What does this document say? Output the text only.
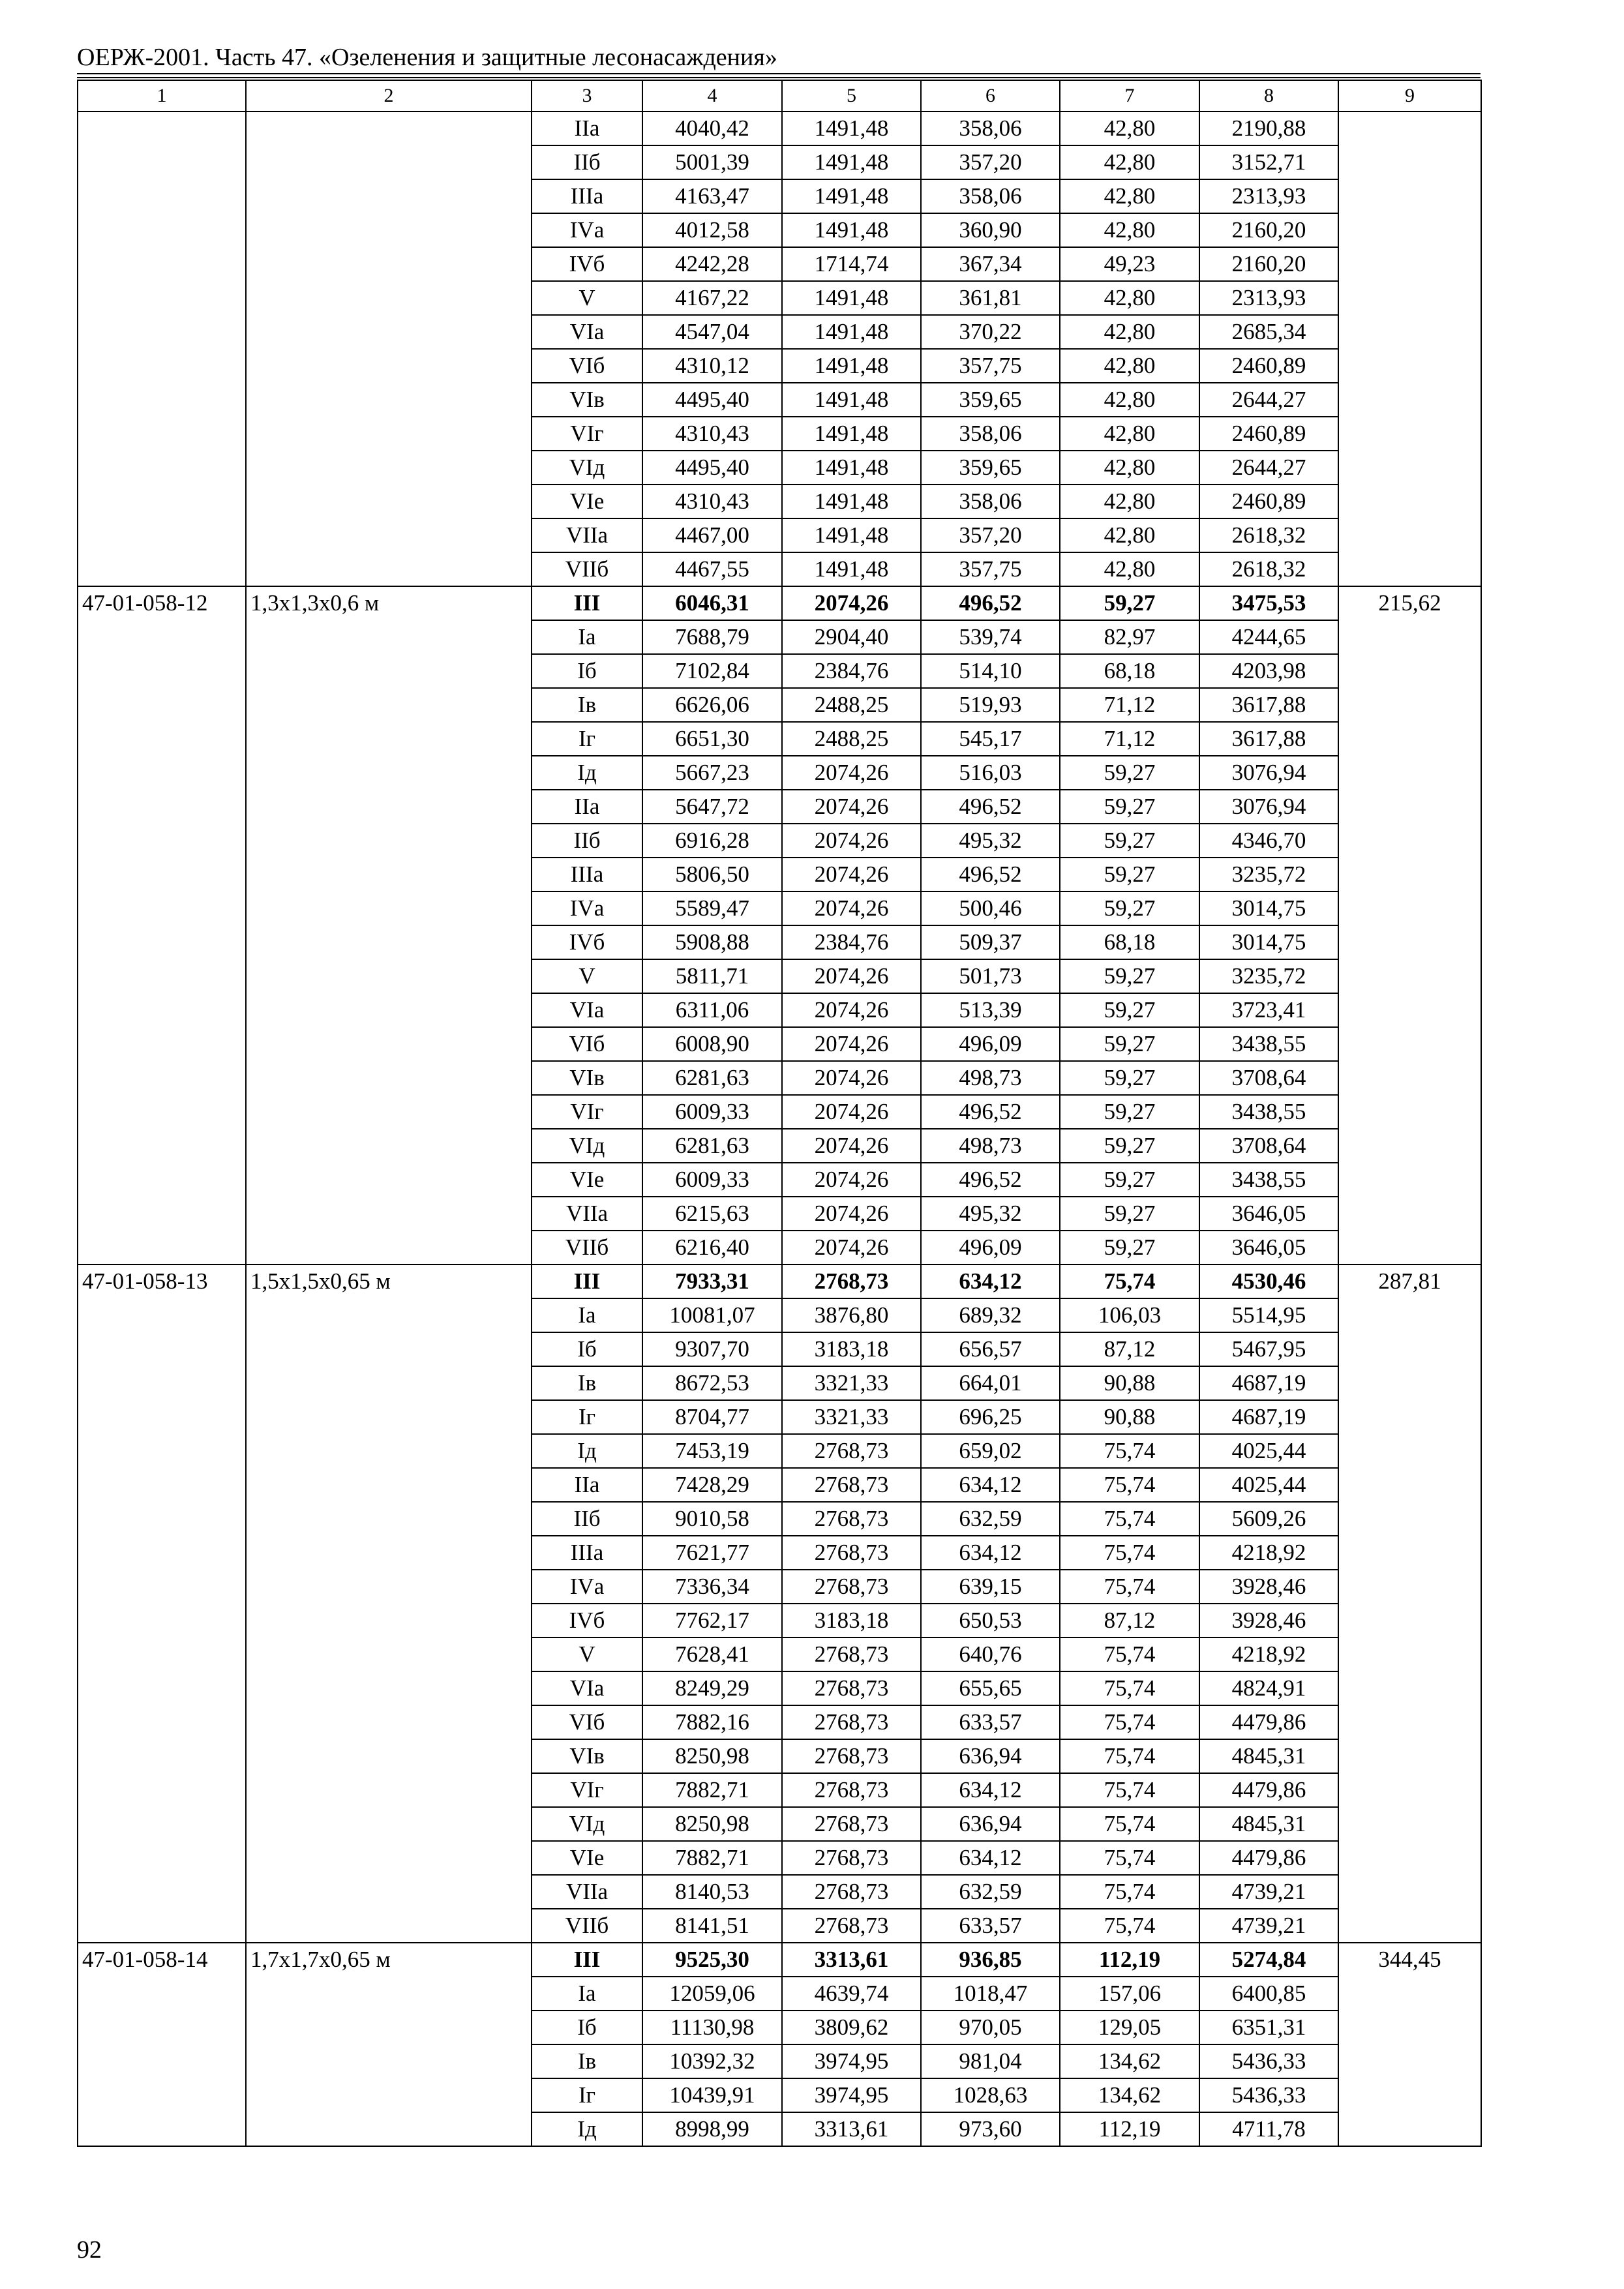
ОЕРЖ-2001. Часть 47. «Озеленения и защитные лесонасаждения»
1	2	3	4	5	6	7	8	9
		IIа	4040,42	1491,48	358,06	42,80	2190,88	
		IIб	5001,39	1491,48	357,20	42,80	3152,71	
		IIIа	4163,47	1491,48	358,06	42,80	2313,93	
		IVа	4012,58	1491,48	360,90	42,80	2160,20	
		IVб	4242,28	1714,74	367,34	49,23	2160,20	
		V	4167,22	1491,48	361,81	42,80	2313,93	
		VIа	4547,04	1491,48	370,22	42,80	2685,34	
		VIб	4310,12	1491,48	357,75	42,80	2460,89	
		VIв	4495,40	1491,48	359,65	42,80	2644,27	
		VIг	4310,43	1491,48	358,06	42,80	2460,89	
		VIд	4495,40	1491,48	359,65	42,80	2644,27	
		VIе	4310,43	1491,48	358,06	42,80	2460,89	
		VIIа	4467,00	1491,48	357,20	42,80	2618,32	
		VIIб	4467,55	1491,48	357,75	42,80	2618,32	
47-01-058-12	1,3х1,3х0,6 м	III	6046,31	2074,26	496,52	59,27	3475,53	215,62
		Iа	7688,79	2904,40	539,74	82,97	4244,65	
		Iб	7102,84	2384,76	514,10	68,18	4203,98	
		Iв	6626,06	2488,25	519,93	71,12	3617,88	
		Iг	6651,30	2488,25	545,17	71,12	3617,88	
		Iд	5667,23	2074,26	516,03	59,27	3076,94	
		IIа	5647,72	2074,26	496,52	59,27	3076,94	
		IIб	6916,28	2074,26	495,32	59,27	4346,70	
		IIIа	5806,50	2074,26	496,52	59,27	3235,72	
		IVа	5589,47	2074,26	500,46	59,27	3014,75	
		IVб	5908,88	2384,76	509,37	68,18	3014,75	
		V	5811,71	2074,26	501,73	59,27	3235,72	
		VIа	6311,06	2074,26	513,39	59,27	3723,41	
		VIб	6008,90	2074,26	496,09	59,27	3438,55	
		VIв	6281,63	2074,26	498,73	59,27	3708,64	
		VIг	6009,33	2074,26	496,52	59,27	3438,55	
		VIд	6281,63	2074,26	498,73	59,27	3708,64	
		VIе	6009,33	2074,26	496,52	59,27	3438,55	
		VIIа	6215,63	2074,26	495,32	59,27	3646,05	
		VIIб	6216,40	2074,26	496,09	59,27	3646,05	
47-01-058-13	1,5х1,5х0,65 м	III	7933,31	2768,73	634,12	75,74	4530,46	287,81
		Iа	10081,07	3876,80	689,32	106,03	5514,95	
		Iб	9307,70	3183,18	656,57	87,12	5467,95	
		Iв	8672,53	3321,33	664,01	90,88	4687,19	
		Iг	8704,77	3321,33	696,25	90,88	4687,19	
		Iд	7453,19	2768,73	659,02	75,74	4025,44	
		IIа	7428,29	2768,73	634,12	75,74	4025,44	
		IIб	9010,58	2768,73	632,59	75,74	5609,26	
		IIIа	7621,77	2768,73	634,12	75,74	4218,92	
		IVа	7336,34	2768,73	639,15	75,74	3928,46	
		IVб	7762,17	3183,18	650,53	87,12	3928,46	
		V	7628,41	2768,73	640,76	75,74	4218,92	
		VIа	8249,29	2768,73	655,65	75,74	4824,91	
		VIб	7882,16	2768,73	633,57	75,74	4479,86	
		VIв	8250,98	2768,73	636,94	75,74	4845,31	
		VIг	7882,71	2768,73	634,12	75,74	4479,86	
		VIд	8250,98	2768,73	636,94	75,74	4845,31	
		VIе	7882,71	2768,73	634,12	75,74	4479,86	
		VIIа	8140,53	2768,73	632,59	75,74	4739,21	
		VIIб	8141,51	2768,73	633,57	75,74	4739,21	
47-01-058-14	1,7х1,7х0,65 м	III	9525,30	3313,61	936,85	112,19	5274,84	344,45
		Iа	12059,06	4639,74	1018,47	157,06	6400,85	
		Iб	11130,98	3809,62	970,05	129,05	6351,31	
		Iв	10392,32	3974,95	981,04	134,62	5436,33	
		Iг	10439,91	3974,95	1028,63	134,62	5436,33	
		Iд	8998,99	3313,61	973,60	112,19	4711,78	
92
